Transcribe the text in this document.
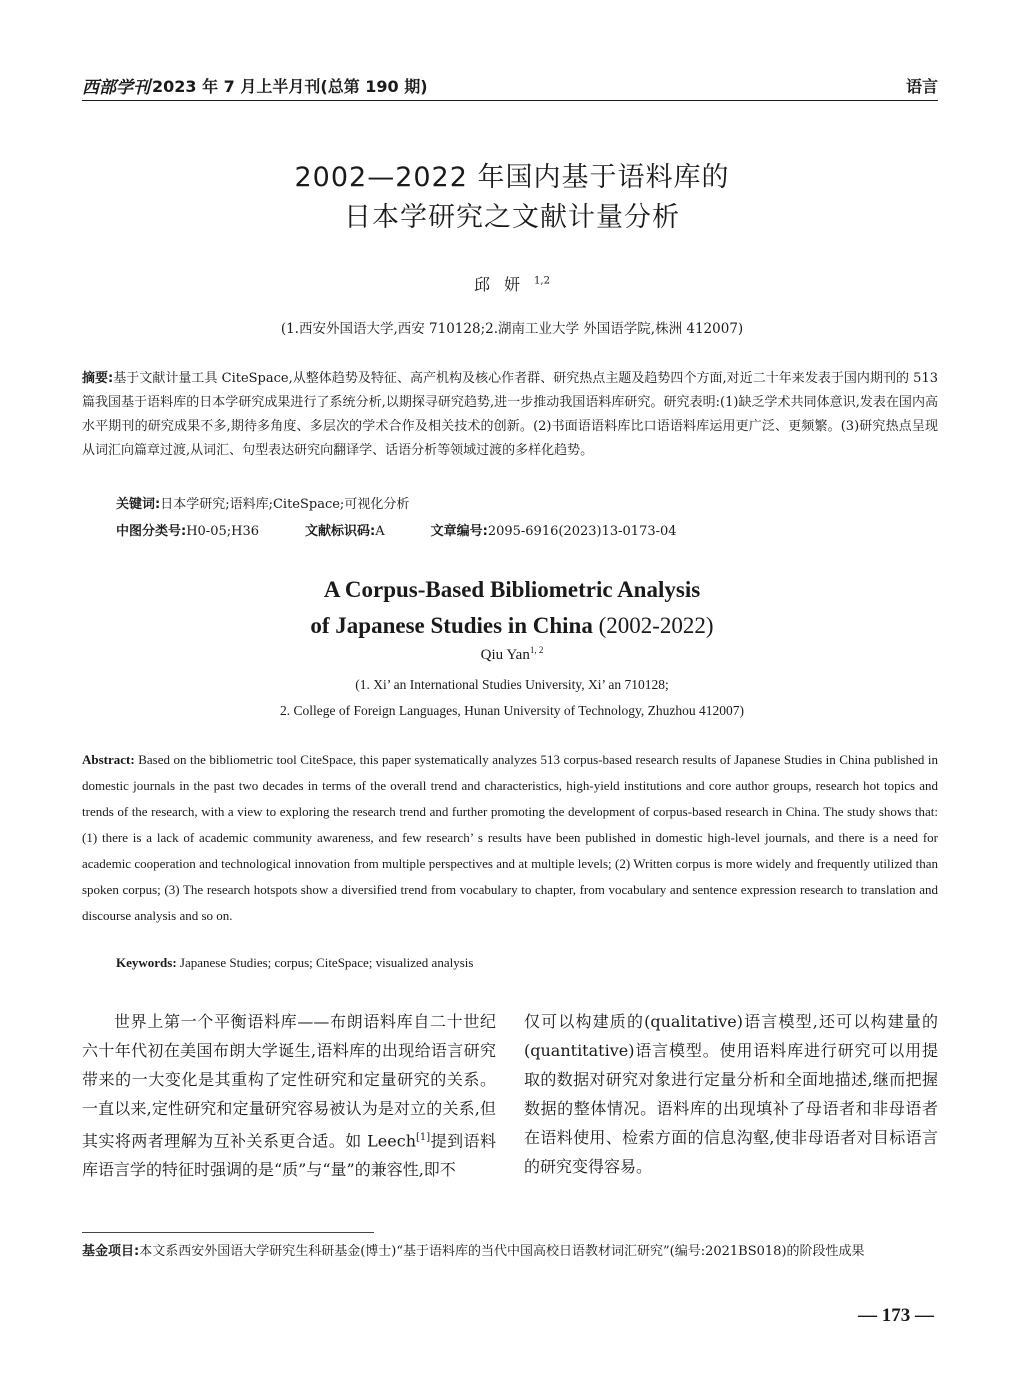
西部学刊 2023 年 7 月上半月刊(总第 190 期)	语言
2002—2022 年国内基于语料库的
日本学研究之文献计量分析
邱妍$^{1,2}$
(1.西安外国语大学,西安 710128;2.湖南工业大学 外国语学院,株洲 412007)
摘要:基于文献计量工具 CiteSpace,从整体趋势及特征、高产机构及核心作者群、研究热点主题及趋势四个方面,对近二十年来发表于国内期刊的 513 篇我国基于语料库的日本学研究成果进行了系统分析,以期探寻研究趋势,进一步推动我国语料库研究。研究表明:(1)缺乏学术共同体意识,发表在国内高水平期刊的研究成果不多,期待多角度、多层次的学术合作及相关技术的创新。(2)书面语语料库比口语语料库运用更广泛、更频繁。(3)研究热点呈现从词汇向篇章过渡,从词汇、句型表达研究向翻译学、话语分析等领域过渡的多样化趋势。
关键词:日本学研究;语料库;CiteSpace;可视化分析
中图分类号:H0-05;H36	文献标识码:A	文章编号:2095-6916(2023)13-0173-04
A Corpus-Based Bibliometric Analysis
of Japanese Studies in China (2002-2022)
Qiu Yan$^{1, 2}$
(1. Xi’ an International Studies University, Xi’ an 710128;
2. College of Foreign Languages, Hunan University of Technology, Zhuzhou 412007)
Abstract: Based on the bibliometric tool CiteSpace, this paper systematically analyzes 513 corpus-based research results of Japanese Studies in China published in domestic journals in the past two decades in terms of the overall trend and characteristics, high-yield institutions and core author groups, research hot topics and trends of the research, with a view to exploring the research trend and further promoting the development of corpus-based research in China. The study shows that: (1) there is a lack of academic community awareness, and few research’ s results have been published in domestic high-level journals, and there is a need for academic cooperation and technological innovation from multiple perspectives and at multiple levels; (2) Written corpus is more widely and frequently utilized than spoken corpus; (3) The research hotspots show a diversified trend from vocabulary to chapter, from vocabulary and sentence expression research to translation and discourse analysis and so on.
Keywords: Japanese Studies; corpus; CiteSpace; visualized analysis

世界上第一个平衡语料库——布朗语料库自二十世纪六十年代初在美国布朗大学诞生,语料库的出现给语言研究带来的一大变化是其重构了定性研究和定量研究的关系。一直以来,定性研究和定量研究容易被认为是对立的关系,但其实将两者理解为互补关系更合适。如 Leech[1]提到语料库语言学的特征时强调的是“质”与“量”的兼容性,即不

仅可以构建质的(qualitative)语言模型,还可以构建量的(quantitative)语言模型。使用语料库进行研究可以用提取的数据对研究对象进行定量分析和全面地描述,继而把握数据的整体情况。语料库的出现填补了母语者和非母语者在语料使用、检索方面的信息沟壑,使非母语者对目标语言的研究变得容易。

基金项目:本文系西安外国语大学研究生科研基金(博士)“基于语料库的当代中国高校日语教材词汇研究”(编号:2021BS018)的阶段性成果
— 173 —
